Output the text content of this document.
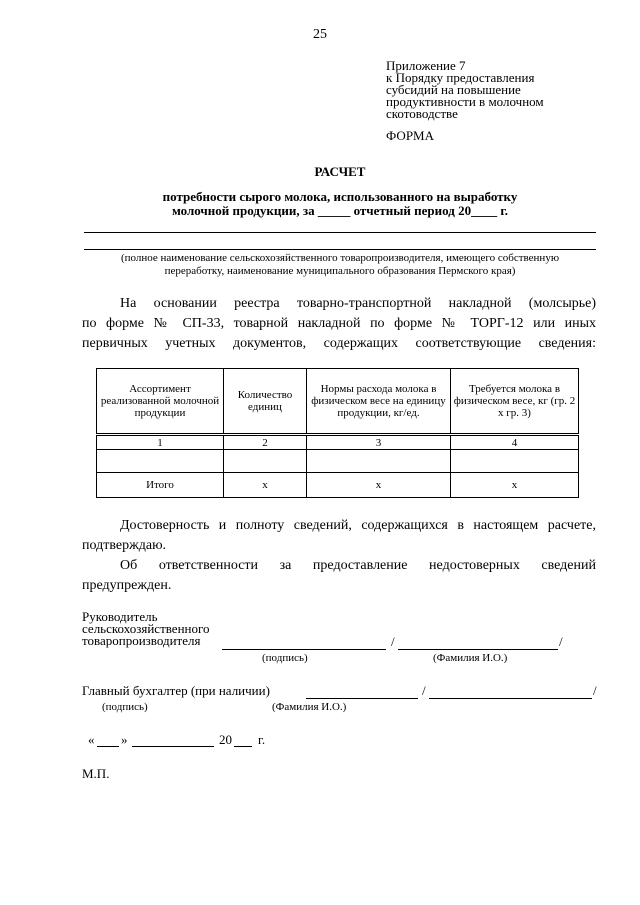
25
Приложение 7
к Порядку предоставления
субсидий на повышение
продуктивности в молочном
скотоводстве
ФОРМА
РАСЧЕТ
потребности сырого молока, использованного на выработку
молочной продукции, за _____ отчетный период 20____ г.
(полное наименование сельскохозяйственного товаропроизводителя, имеющего собственную
переработку, наименование муниципального образования Пермского края)
На основании реестра товарно-транспортной накладной (молсырье)
по форме № СП-33, товарной накладной по форме № ТОРГ-12 или иных
первичных учетных документов, содержащих соответствующие сведения:
Ассортимент реализованной молочной продукции	Количество единиц	Нормы расхода молока в физическом весе на единицу продукции, кг/ед.	Требуется молока в физическом весе, кг (гр. 2 х гр. 3)
1	2	3	4

Итого	х	х	х
Достоверность и полноту сведений, содержащихся в настоящем расчете,
подтверждаю.
Об ответственности за предоставление недостоверных сведений
предупрежден.
Руководитель
сельскохозяйственного
товаропроизводителя	/	/
(подпись)	(Фамилия И.О.)
Главный бухгалтер (при наличии)	/	/
(подпись)	(Фамилия И.О.)
« »	20 г.
М.П.
